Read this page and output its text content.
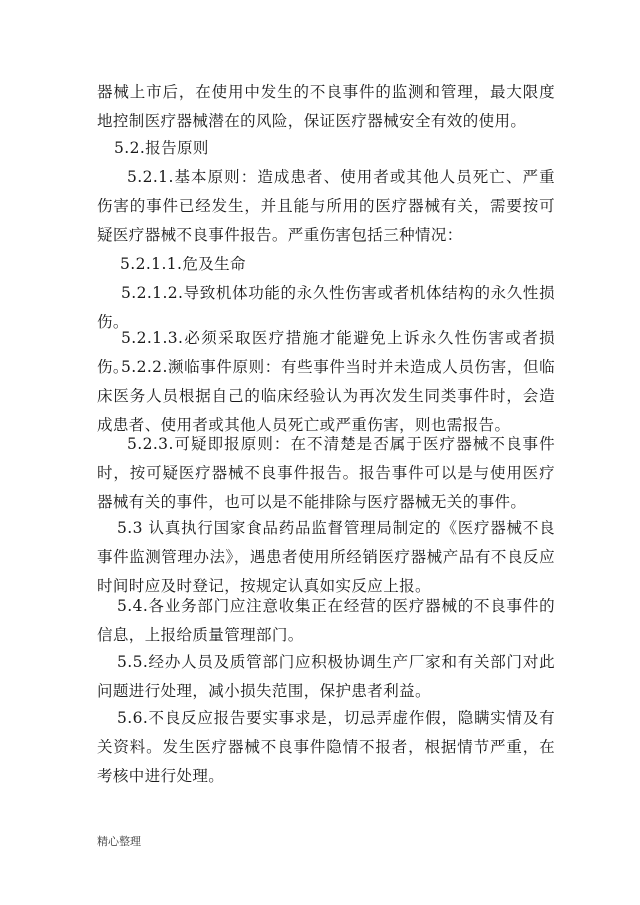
器械上市后，在使用中发生的不良事件的监测和管理，最大限度地控制医疗器械潜在的风险，保证医疗器械安全有效的使用。
5.2.报告原则
5.2.1.基本原则：造成患者、使用者或其他人员死亡、严重伤害的事件已经发生，并且能与所用的医疗器械有关，需要按可疑医疗器械不良事件报告。严重伤害包括三种情况：
5.2.1.1.危及生命
5.2.1.2.导致机体功能的永久性伤害或者机体结构的永久性损伤。
5.2.1.3.必须采取医疗措施才能避免上诉永久性伤害或者损伤。
5.2.2.濒临事件原则：有些事件当时并未造成人员伤害，但临床医务人员根据自己的临床经验认为再次发生同类事件时，会造成患者、使用者或其他人员死亡或严重伤害，则也需报告。
5.2.3.可疑即报原则：在不清楚是否属于医疗器械不良事件时，按可疑医疗器械不良事件报告。报告事件可以是与使用医疗器械有关的事件，也可以是不能排除与医疗器械无关的事件。
5.3 认真执行国家食品药品监督管理局制定的《医疗器械不良事件监测管理办法》，遇患者使用所经销医疗器械产品有不良反应时间时应及时登记，按规定认真如实反应上报。
5.4.各业务部门应注意收集正在经营的医疗器械的不良事件的信息，上报给质量管理部门。
5.5.经办人员及质管部门应积极协调生产厂家和有关部门对此问题进行处理，减小损失范围，保护患者利益。
5.6.不良反应报告要实事求是，切忌弄虚作假，隐瞒实情及有关资料。发生医疗器械不良事件隐情不报者，根据情节严重，在考核中进行处理。
精心整理
